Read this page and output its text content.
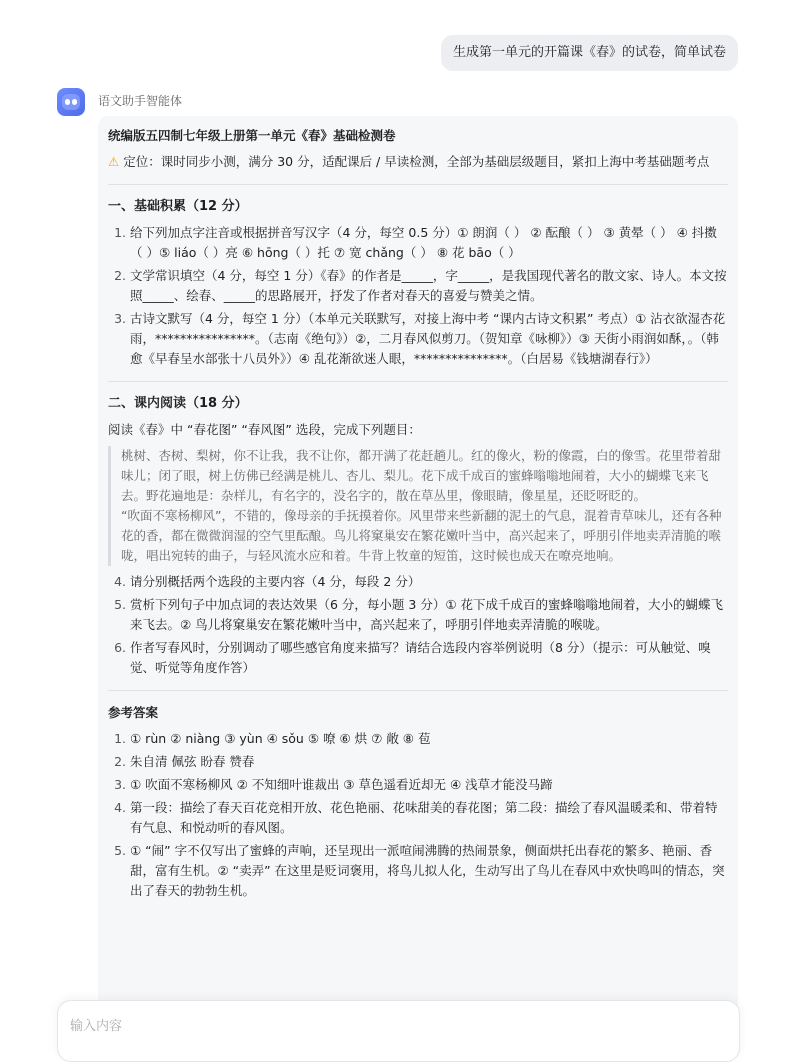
生成第一单元的开篇课《春》的试卷，简单试卷
语文助手智能体

统编版五四制七年级上册第一单元《春》基础检测卷

⚠ 定位：课时同步小测，满分 30 分，适配课后 / 早读检测，全部为基础层级题目，紧扣上海中考基础题考点

一、基础积累（12 分）

1. 给下列加点字注音或根据拼音写汉字（4 分，每空 0.5 分）① 朗润（ ） ② 酝酿（ ） ③ 黄晕（ ） ④ 抖擞（ ）⑤ liáo（ ）亮 ⑥ hōng（ ）托 ⑦ 宽 chǎng（ ） ⑧ 花 bāo（ ）
2. 文学常识填空（4 分，每空 1 分）《春》的作者是_____，字_____，是我国现代著名的散文家、诗人。本文按照_____、绘春、_____的思路展开，抒发了作者对春天的喜爱与赞美之情。
3. 古诗文默写（4 分，每空 1 分）（本单元关联默写，对接上海中考 “课内古诗文积累” 考点）① 沾衣欲湿杏花雨，****************。（志南《绝句》）②，二月春风似剪刀。（贺知章《咏柳》）③ 天街小雨润如酥，。（韩愈《早春呈水部张十八员外》）④ 乱花渐欲迷人眼，***************。（白居易《钱塘湖春行》）

二、课内阅读（18 分）

阅读《春》中 “春花图” “春风图” 选段，完成下列题目：

桃树、杏树、梨树，你不让我，我不让你，都开满了花赶趟儿。红的像火，粉的像霞，白的像雪。花里带着甜味儿；闭了眼，树上仿佛已经满是桃儿、杏儿、梨儿。花下成千成百的蜜蜂嗡嗡地闹着，大小的蝴蝶飞来飞去。野花遍地是：杂样儿，有名字的，没名字的，散在草丛里，像眼睛，像星星，还眨呀眨的。

“吹面不寒杨柳风”，不错的，像母亲的手抚摸着你。风里带来些新翻的泥土的气息，混着青草味儿，还有各种花的香，都在微微润湿的空气里酝酿。鸟儿将窠巢安在繁花嫩叶当中，高兴起来了，呼朋引伴地卖弄清脆的喉咙，唱出宛转的曲子，与轻风流水应和着。牛背上牧童的短笛，这时候也成天在嘹亮地响。

4. 请分别概括两个选段的主要内容（4 分，每段 2 分）
5. 赏析下列句子中加点词的表达效果（6 分，每小题 3 分）① 花下成千成百的蜜蜂嗡嗡地闹着，大小的蝴蝶飞来飞去。② 鸟儿将窠巢安在繁花嫩叶当中，高兴起来了，呼朋引伴地卖弄清脆的喉咙。
6. 作者写春风时，分别调动了哪些感官角度来描写？请结合选段内容举例说明（8 分）（提示：可从触觉、嗅觉、听觉等角度作答）

参考答案

1. ① rùn ② niàng ③ yùn ④ sǒu ⑤ 嘹 ⑥ 烘 ⑦ 敞 ⑧ 苞
2. 朱自清 佩弦 盼春 赞春
3. ① 吹面不寒杨柳风 ② 不知细叶谁裁出 ③ 草色遥看近却无 ④ 浅草才能没马蹄
4. 第一段：描绘了春天百花竞相开放、花色艳丽、花味甜美的春花图；第二段：描绘了春风温暖柔和、带着特有气息、和悦动听的春风图。
5. ① “闹” 字不仅写出了蜜蜂的声响，还呈现出一派喧闹沸腾的热闹景象，侧面烘托出春花的繁多、艳丽、香甜，富有生机。② “卖弄” 在这里是贬词褒用，将鸟儿拟人化，生动写出了鸟儿在春风中欢快鸣叫的情态，突出了春天的勃勃生机。
输入内容
